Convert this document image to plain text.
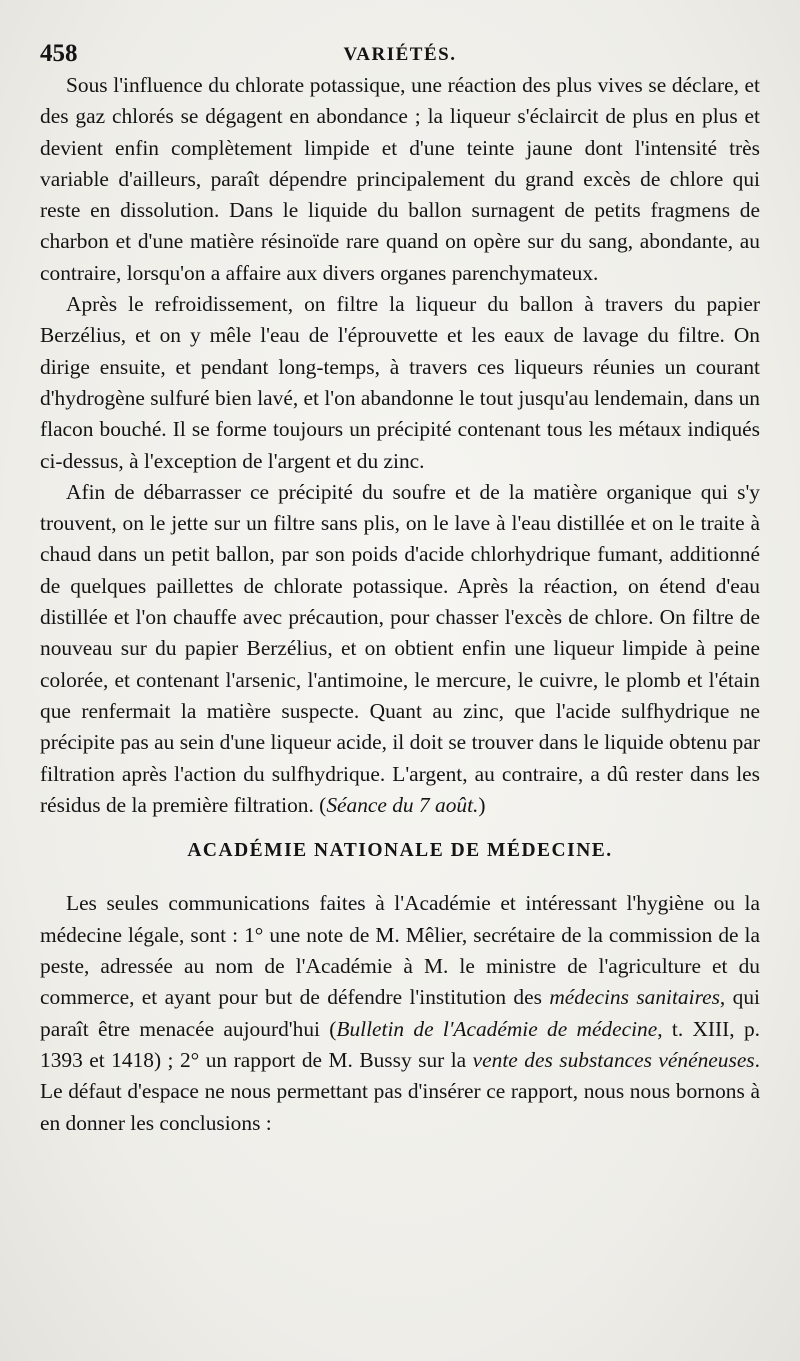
458	VARIÉTÉS.

Sous l'influence du chlorate potassique, une réaction des plus vives se déclare, et des gaz chlorés se dégagent en abondance ; la liqueur s'éclaircit de plus en plus et devient enfin complètement limpide et d'une teinte jaune dont l'intensité très variable d'ailleurs, paraît dépendre principalement du grand excès de chlore qui reste en dissolution. Dans le liquide du ballon surnagent de petits fragmens de charbon et d'une matière résinoïde rare quand on opère sur du sang, abondante, au contraire, lorsqu'on a affaire aux divers organes parenchymateux.

Après le refroidissement, on filtre la liqueur du ballon à travers du papier Berzélius, et on y mêle l'eau de l'éprouvette et les eaux de lavage du filtre. On dirige ensuite, et pendant long-temps, à travers ces liqueurs réunies un courant d'hydrogène sulfuré bien lavé, et l'on abandonne le tout jusqu'au lendemain, dans un flacon bouché. Il se forme toujours un précipité contenant tous les métaux indiqués ci-dessus, à l'exception de l'argent et du zinc.

Afin de débarrasser ce précipité du soufre et de la matière organique qui s'y trouvent, on le jette sur un filtre sans plis, on le lave à l'eau distillée et on le traite à chaud dans un petit ballon, par son poids d'acide chlorhydrique fumant, additionné de quelques paillettes de chlorate potassique. Après la réaction, on étend d'eau distillée et l'on chauffe avec précaution, pour chasser l'excès de chlore. On filtre de nouveau sur du papier Berzélius, et on obtient enfin une liqueur limpide à peine colorée, et contenant l'arsenic, l'antimoine, le mercure, le cuivre, le plomb et l'étain que renfermait la matière suspecte. Quant au zinc, que l'acide sulfhydrique ne précipite pas au sein d'une liqueur acide, il doit se trouver dans le liquide obtenu par filtration après l'action du sulfhydrique. L'argent, au contraire, a dû rester dans les résidus de la première filtration. (Séance du 7 août.)

ACADÉMIE NATIONALE DE MÉDECINE.

Les seules communications faites à l'Académie et intéressant l'hygiène ou la médecine légale, sont : 1° une note de M. Mêlier, secrétaire de la commission de la peste, adressée au nom de l'Académie à M. le ministre de l'agriculture et du commerce, et ayant pour but de défendre l'institution des médecins sanitaires, qui paraît être menacée aujourd'hui (Bulletin de l'Académie de médecine, t. XIII, p. 1393 et 1418) ; 2° un rapport de M. Bussy sur la vente des substances vénéneuses. Le défaut d'espace ne nous permettant pas d'insérer ce rapport, nous nous bornons à en donner les conclusions :
